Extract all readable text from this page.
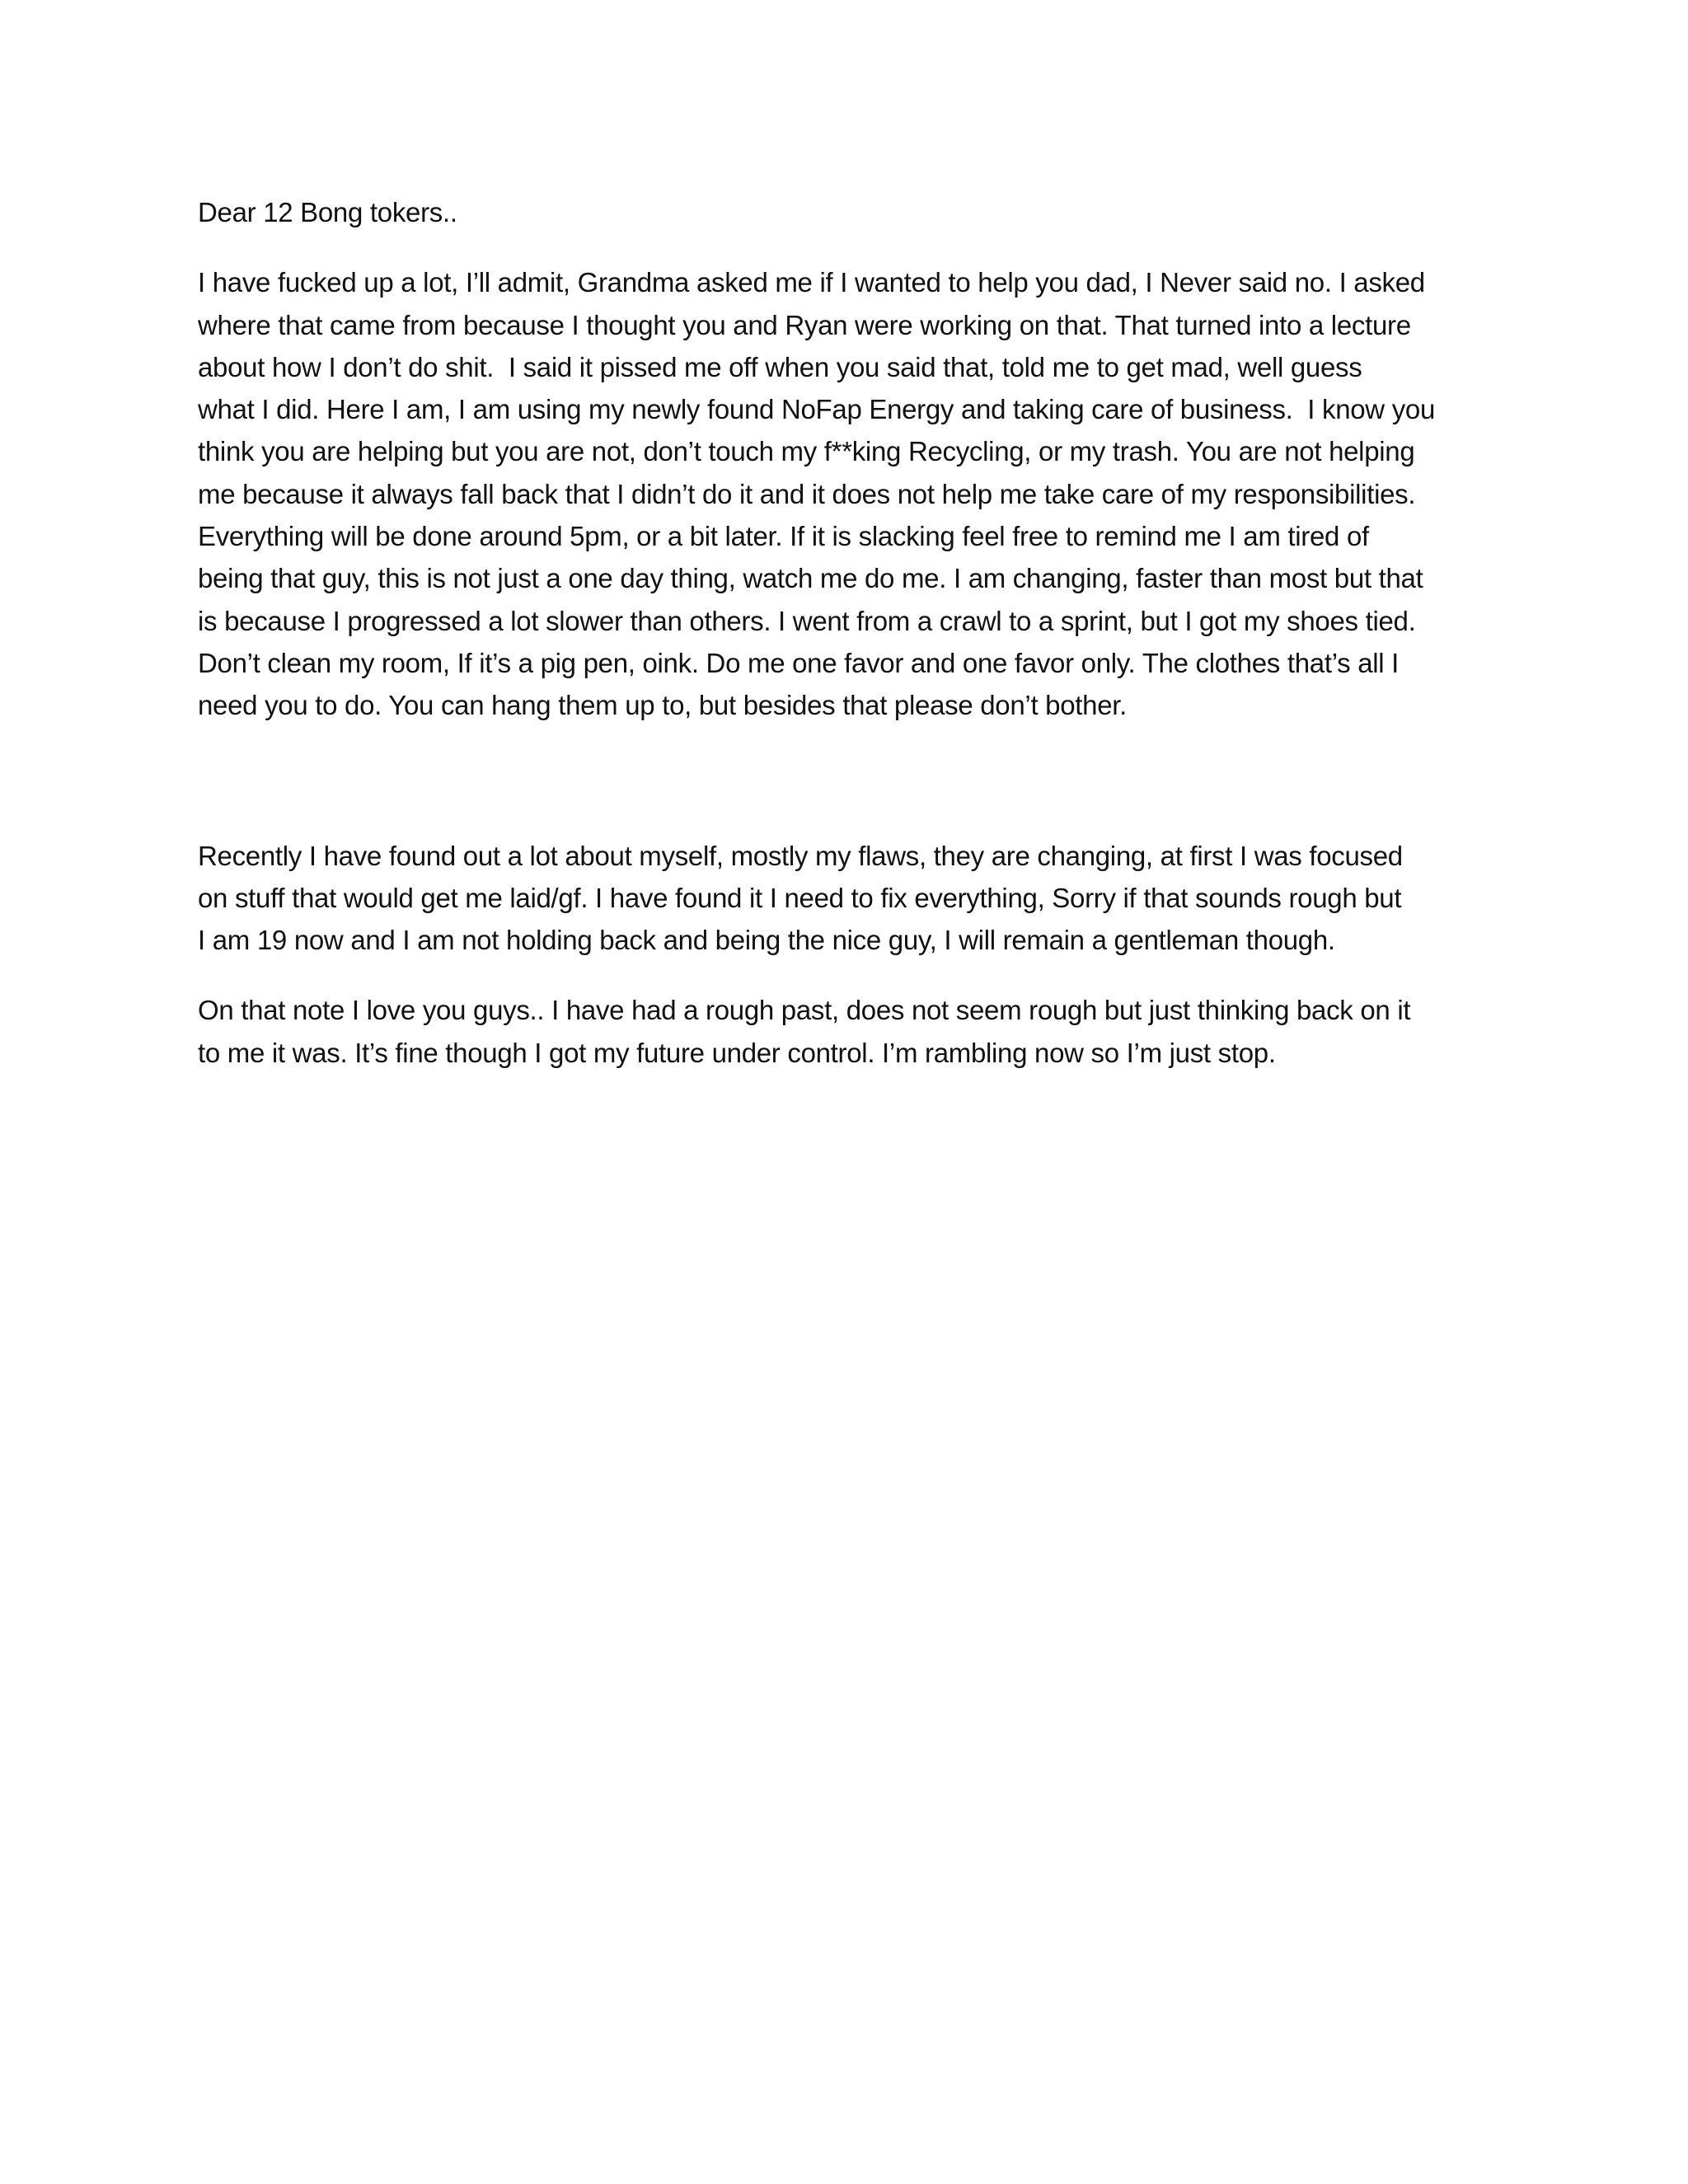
Dear 12 Bong tokers..

I have fucked up a lot, I’ll admit, Grandma asked me if I wanted to help you dad, I Never said no. I asked
where that came from because I thought you and Ryan were working on that. That turned into a lecture
about how I don’t do shit.  I said it pissed me off when you said that, told me to get mad, well guess
what I did. Here I am, I am using my newly found NoFap Energy and taking care of business.  I know you
think you are helping but you are not, don’t touch my f**king Recycling, or my trash. You are not helping
me because it always fall back that I didn’t do it and it does not help me take care of my responsibilities.
Everything will be done around 5pm, or a bit later. If it is slacking feel free to remind me I am tired of
being that guy, this is not just a one day thing, watch me do me. I am changing, faster than most but that
is because I progressed a lot slower than others. I went from a crawl to a sprint, but I got my shoes tied.
Don’t clean my room, If it’s a pig pen, oink. Do me one favor and one favor only. The clothes that’s all I
need you to do. You can hang them up to, but besides that please don’t bother.

Recently I have found out a lot about myself, mostly my flaws, they are changing, at first I was focused
on stuff that would get me laid/gf. I have found it I need to fix everything, Sorry if that sounds rough but
I am 19 now and I am not holding back and being the nice guy, I will remain a gentleman though.

On that note I love you guys.. I have had a rough past, does not seem rough but just thinking back on it
to me it was. It’s fine though I got my future under control. I’m rambling now so I’m just stop.
